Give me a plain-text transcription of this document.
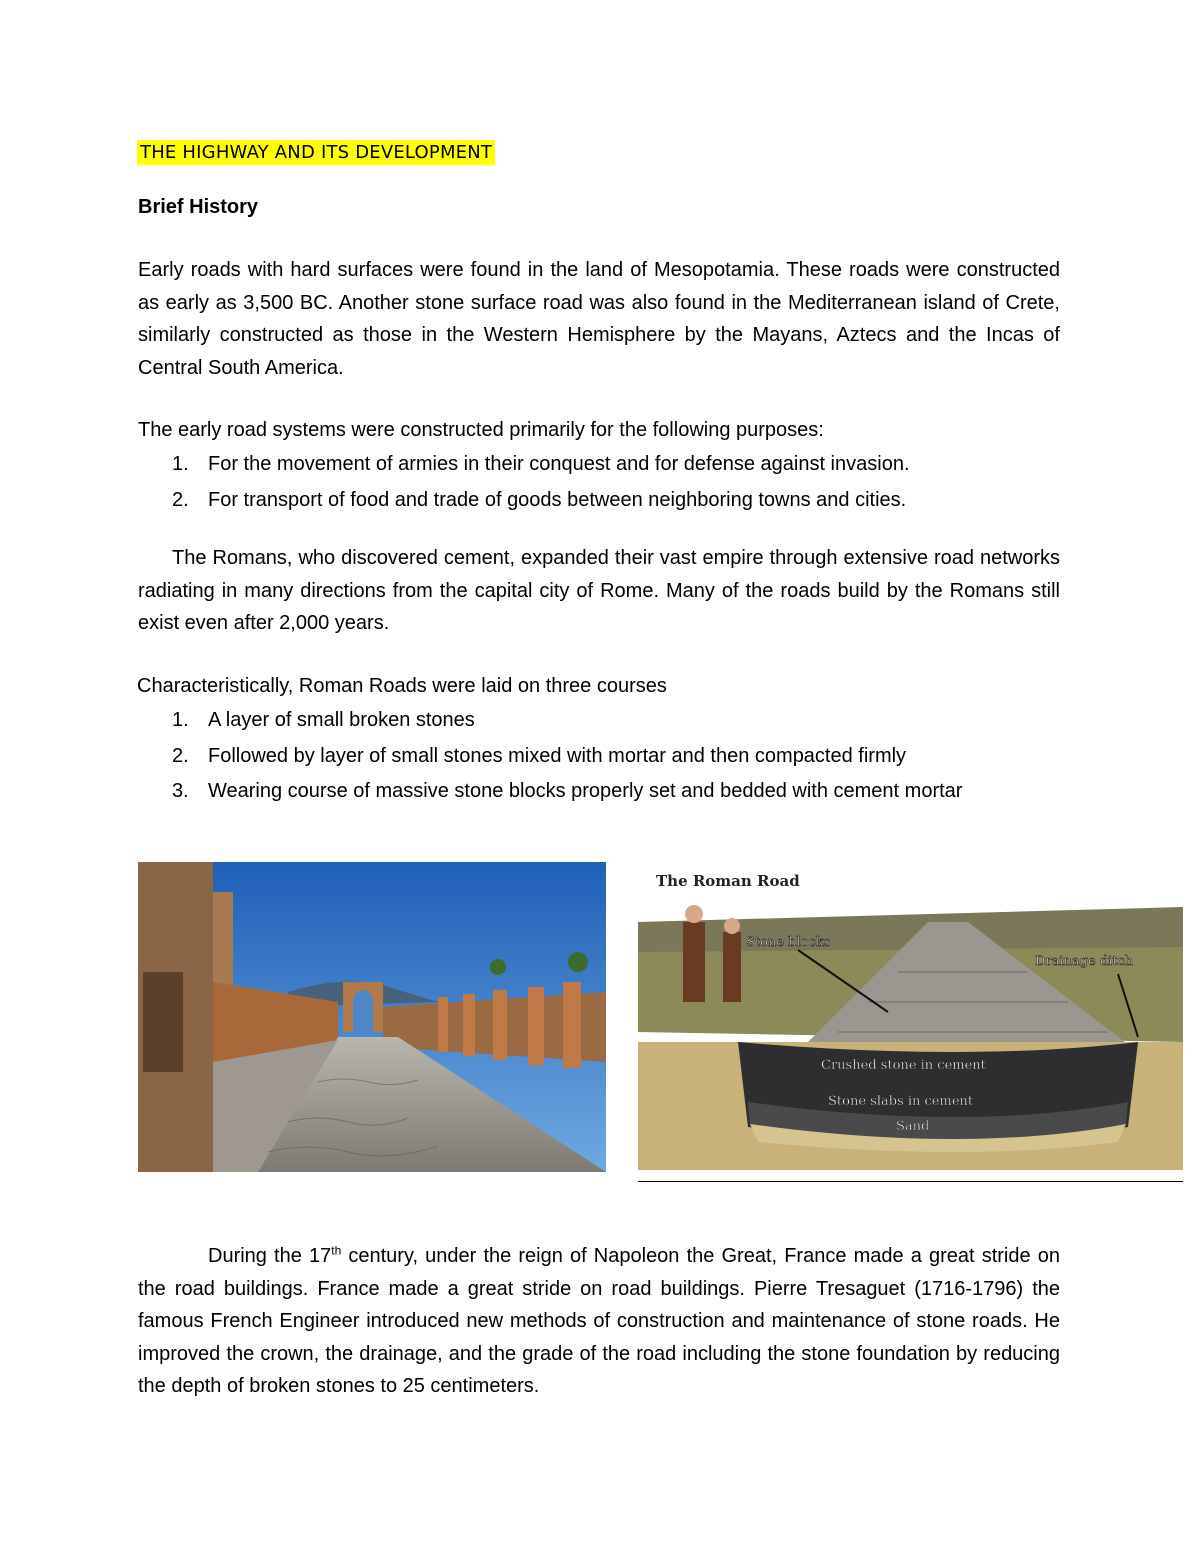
THE HIGHWAY AND ITS DEVELOPMENT
Brief History
Early roads with hard surfaces were found in the land of Mesopotamia. These roads were constructed as early as 3,500 BC. Another stone surface road was also found in the Mediterranean island of Crete, similarly constructed as those in the Western Hemisphere by the Mayans, Aztecs and the Incas of Central South America.
The early road systems were constructed primarily for the following purposes:
1. For the movement of armies in their conquest and for defense against invasion.
2. For transport of food and trade of goods between neighboring towns and cities.
The Romans, who discovered cement, expanded their vast empire through extensive road networks radiating in many directions from the capital city of Rome. Many of the roads build by the Romans still exist even after 2,000 years.
Characteristically, Roman Roads were laid on three courses
1. A layer of small broken stones
2. Followed by layer of small stones mixed with mortar and then compacted firmly
3. Wearing course of massive stone blocks properly set and bedded with cement mortar
The Roman Road
Stone blocks
Drainage ditch
Crushed stone in cement
Stone slabs in cement
Sand
During the 17th century, under the reign of Napoleon the Great, France made a great stride on the road buildings. France made a great stride on road buildings. Pierre Tresaguet (1716-1796) the famous French Engineer introduced new methods of construction and maintenance of stone roads. He improved the crown, the drainage, and the grade of the road including the stone foundation by reducing the depth of broken stones to 25 centimeters.
